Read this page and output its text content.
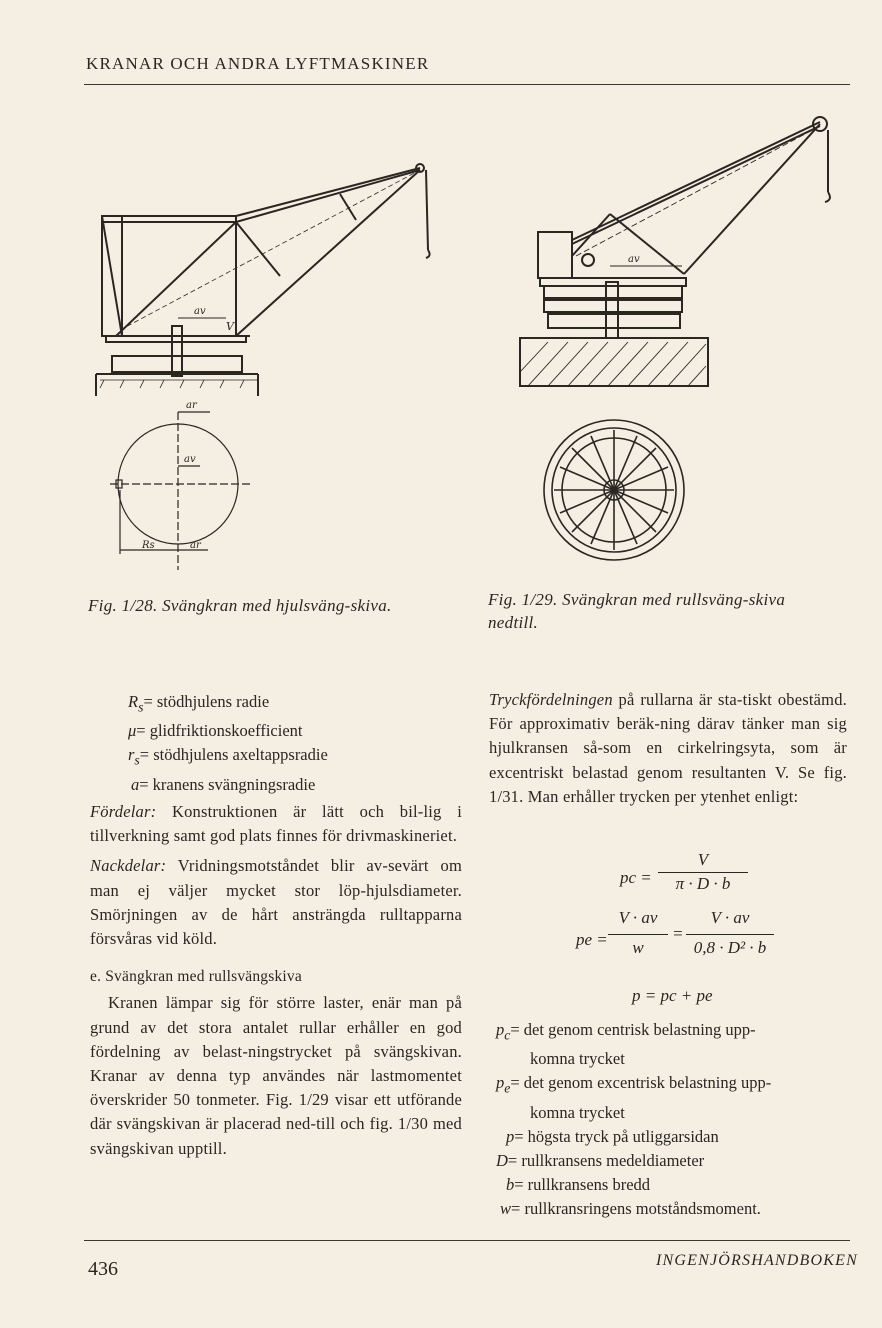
KRANAR OCH ANDRA LYFTMASKINER
av
V
ar
av
Rs	ar
av
Fig. 1/28. Svängkran med hjulsväng‑skiva.	Fig. 1/29. Svängkran med rullsväng‑skiva nedtill.
$R_s=$ stödhjulens radie
μ= glidfriktionskoefficient
$r_s=$ stödhjulens axeltappsradie
a= kranens svängningsradie

Fördelar: Konstruktionen är lätt och bil‑lig i tillverkning samt god plats finnes för drivmaskineriet.

Nackdelar: Vridningsmotståndet blir av‑sevärt om man ej väljer mycket stor löp‑hjulsdiameter. Smörjningen av de hårt ansträngda rulltapparna försvåras vid köld.

e. Svängkran med rullsvängskiva

Kranen lämpar sig för större laster, enär man på grund av det stora antalet rullar erhåller en god fördelning av belast‑ningstrycket på svängskivan. Kranar av denna typ användes när lastmomentet överskrider 50 tonmeter. Fig. 1/29 visar ett utförande där svängskivan är placerad ned‑till och fig. 1/30 med svängskivan upptill.

Tryckfördelningen på rullarna är sta‑tiskt obestämd. För approximativ beräk‑ning därav tänker man sig hjulkransen så‑som en cirkelringsyta, som är excentriskt belastad genom resultanten V. Se fig. 1/31. Man erhåller trycken per ytenhet enligt:

pc =
V
π · D · b
pe =
V · av
w
=
V · av
0,8 · D² · b
p = pc + pe
$p_c= \det$ genom centrisk belastning upp‑
komna trycket
$p_e= \det$ genom excentrisk belastning upp‑
komna trycket
p= högsta tryck på utliggarsidan
D= rullkransens medeldiameter
b= rullkransens bredd
w= rullkransringens motståndsmoment.
436	INGENJÖRSHANDBOKEN
